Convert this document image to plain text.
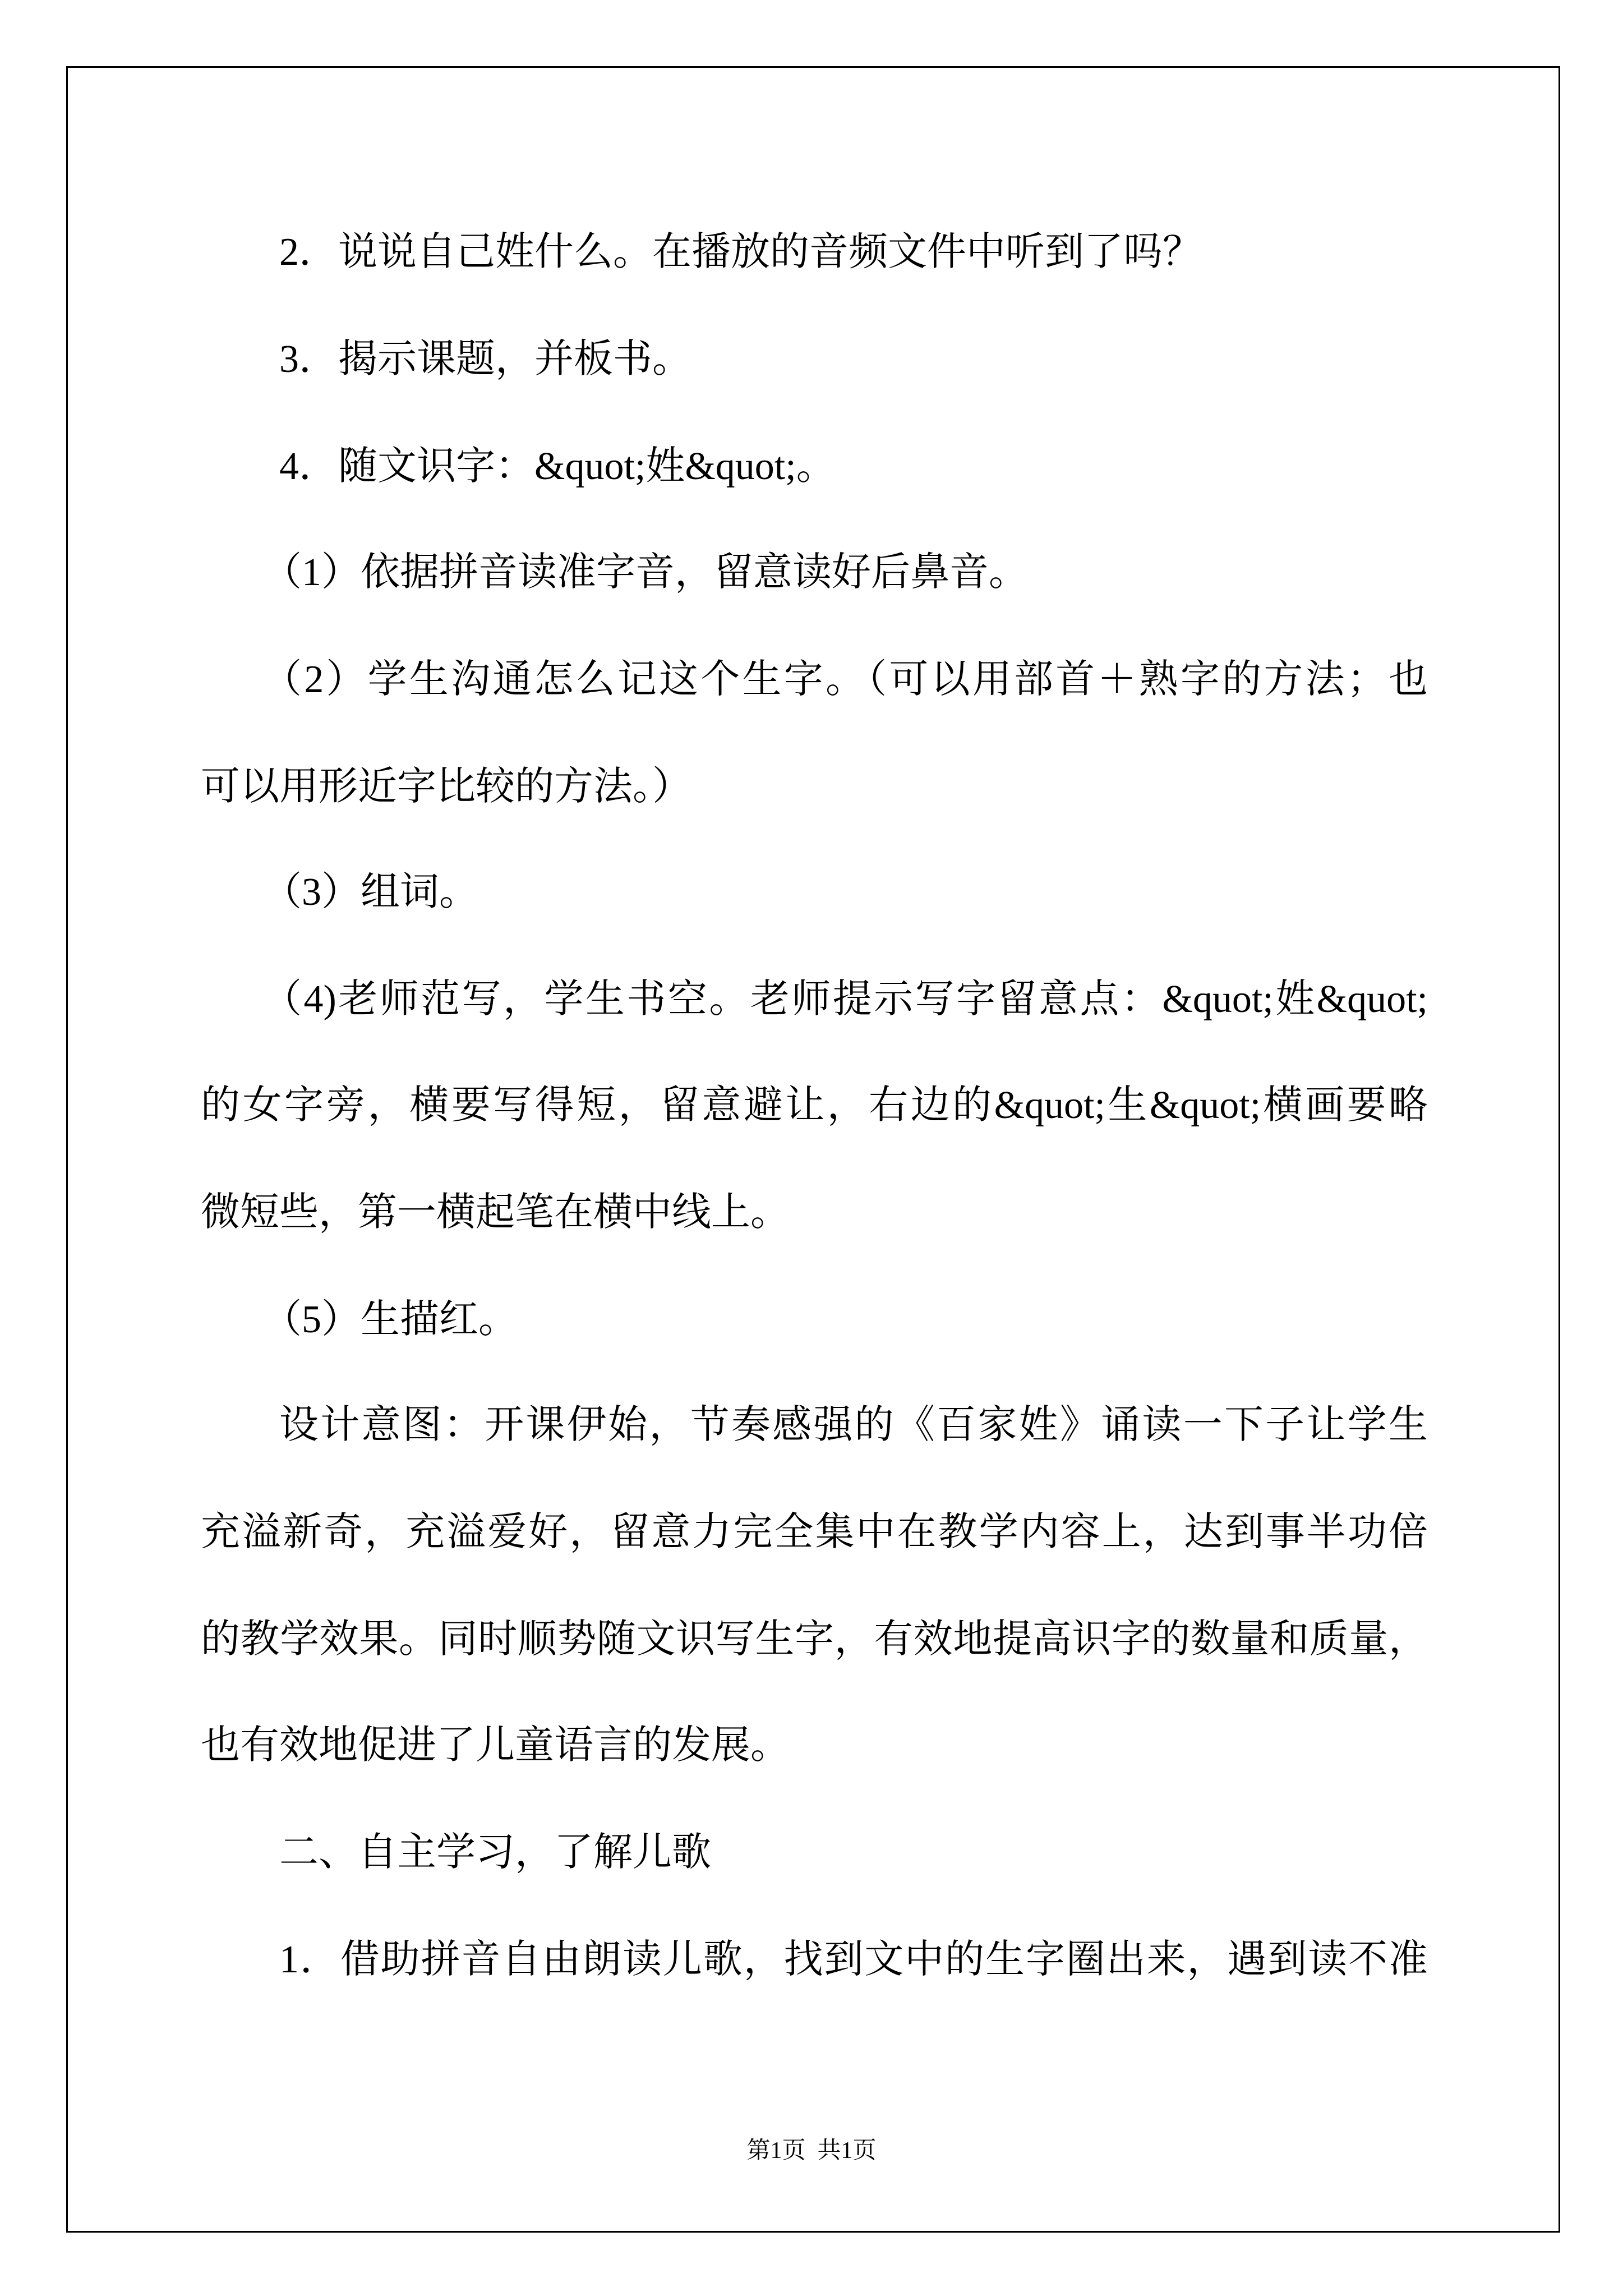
2．说说自己姓什么。在播放的音频文件中听到了吗？
3．揭示课题，并板书。
4．随文识字：&quot;姓&quot;。
（1）依据拼音读准字音，留意读好后鼻音。
（2）学生沟通怎么记这个生字。（可以用部首＋熟字的方法；也
可以用形近字比较的方法。）
（3）组词。
（4)老师范写，学生书空。老师提示写字留意点：&quot;姓&quot;
的女字旁，横要写得短，留意避让，右边的&quot;生&quot;横画要略
微短些，第一横起笔在横中线上。
（5）生描红。
设计意图：开课伊始，节奏感强的《百家姓》诵读一下子让学生
充溢新奇，充溢爱好，留意力完全集中在教学内容上，达到事半功倍
的教学效果。同时顺势随文识写生字，有效地提高识字的数量和质量，
也有效地促进了儿童语言的发展。
二、自主学习，了解儿歌
1．借助拼音自由朗读儿歌，找到文中的生字圈出来，遇到读不准
第1页  共1页
